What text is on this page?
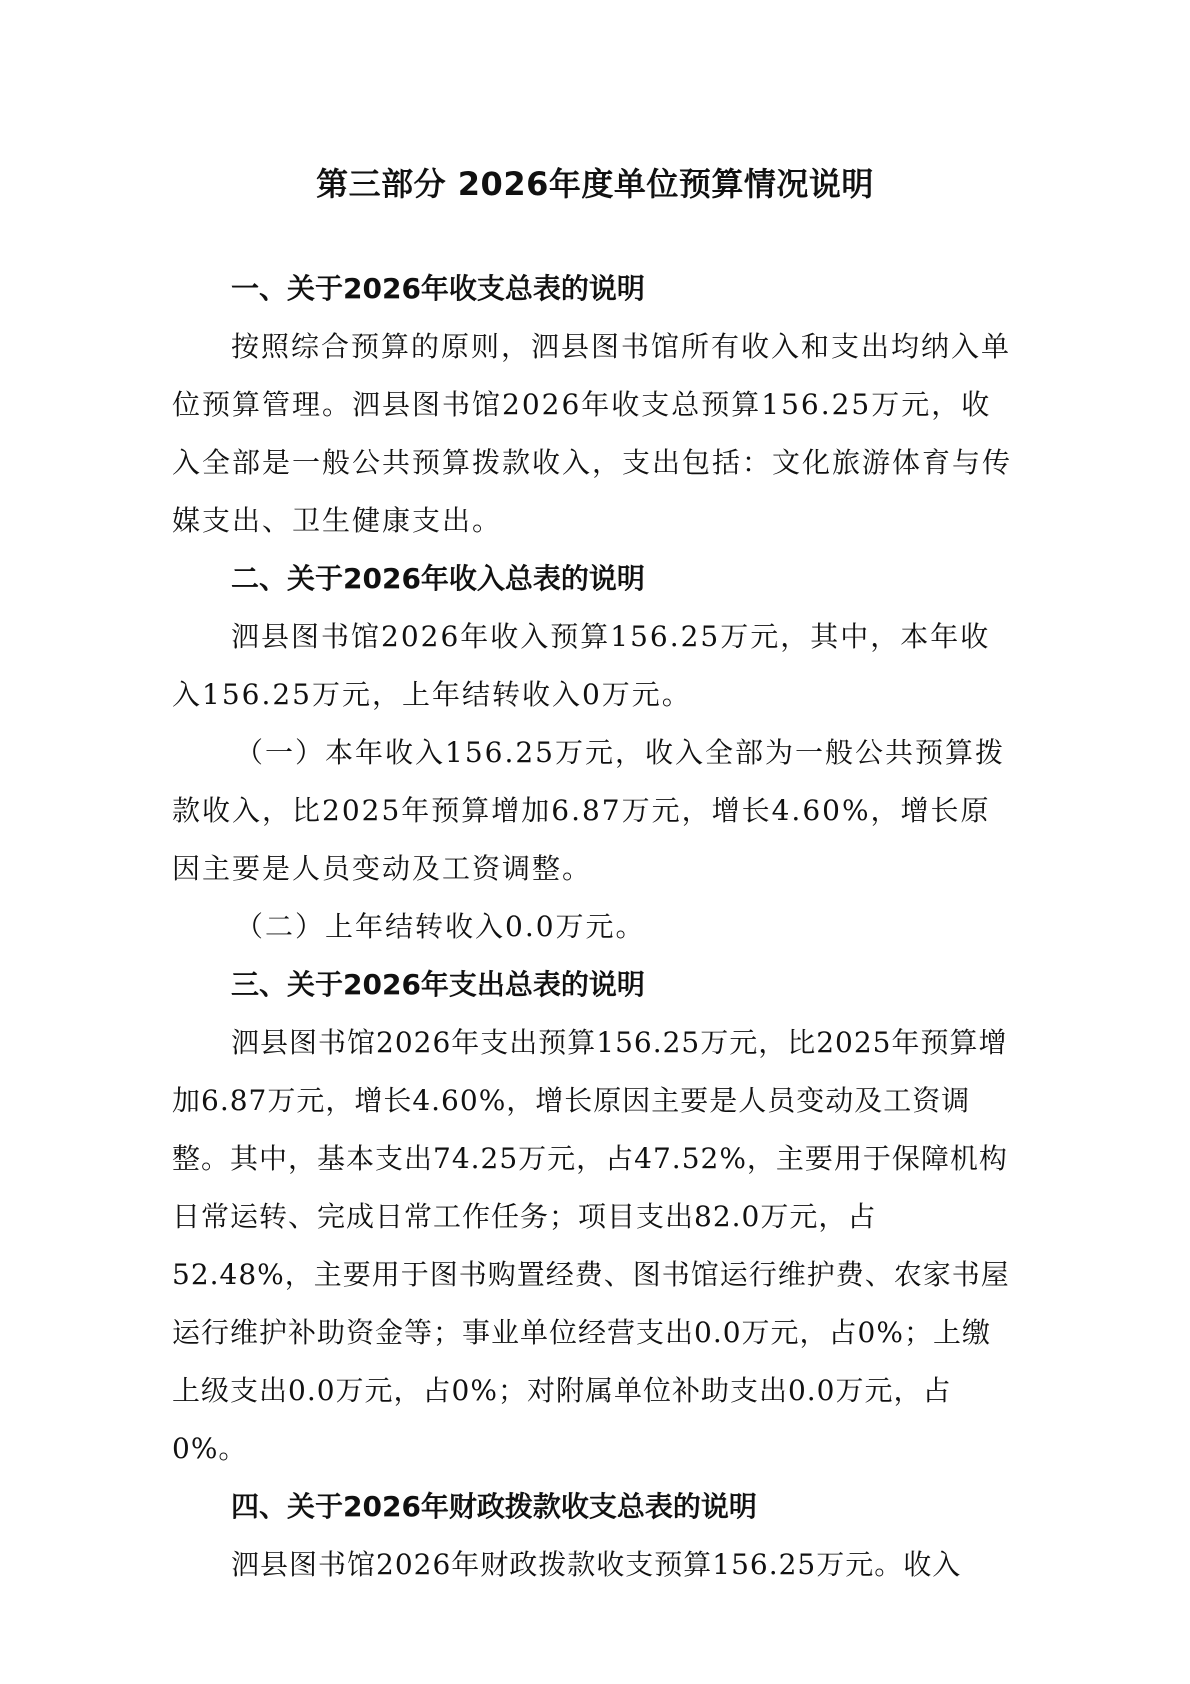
第三部分 2026年度单位预算情况说明

一、关于2026年收支总表的说明

按照综合预算的原则，泗县图书馆所有收入和支出均纳入单位预算管理。泗县图书馆2026年收支总预算156.25万元，收入全部是一般公共预算拨款收入，支出包括：文化旅游体育与传媒支出、卫生健康支出。

二、关于2026年收入总表的说明

泗县图书馆2026年收入预算156.25万元，其中，本年收入156.25万元，上年结转收入0万元。

（一）本年收入156.25万元，收入全部为一般公共预算拨款收入，比2025年预算增加6.87万元，增长4.60%，增长原因主要是人员变动及工资调整。

（二）上年结转收入0.0万元。

三、关于2026年支出总表的说明

泗县图书馆2026年支出预算156.25万元，比2025年预算增加6.87万元，增长4.60%，增长原因主要是人员变动及工资调整。其中，基本支出74.25万元，占47.52%，主要用于保障机构日常运转、完成日常工作任务；项目支出82.0万元，占52.48%，主要用于图书购置经费、图书馆运行维护费、农家书屋运行维护补助资金等；事业单位经营支出0.0万元，占0%；上缴上级支出0.0万元，占0%；对附属单位补助支出0.0万元，占0%。

四、关于2026年财政拨款收支总表的说明

泗县图书馆2026年财政拨款收支预算156.25万元。收入
